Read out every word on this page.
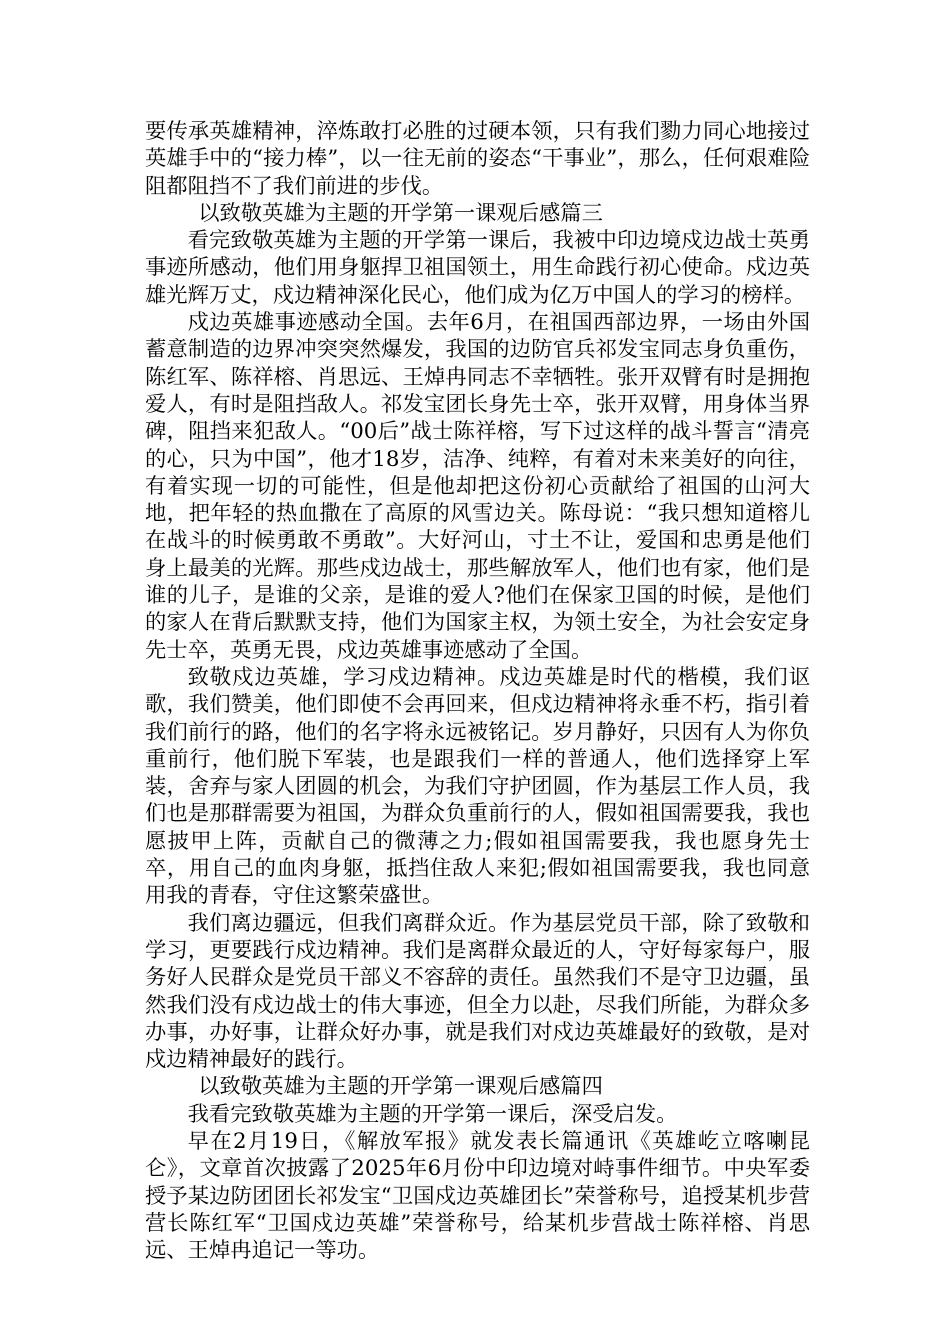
要传承英雄精神，淬炼敢打必胜的过硬本领，只有我们勠力同心地接过英雄手中的“接力棒”，以一往无前的姿态“干事业”，那么，任何艰难险阻都阻挡不了我们前进的步伐。

以致敬英雄为主题的开学第一课观后感篇三

看完致敬英雄为主题的开学第一课后，我被中印边境戍边战士英勇事迹所感动，他们用身躯捍卫祖国领土，用生命践行初心使命。戍边英雄光辉万丈，戍边精神深化民心，他们成为亿万中国人的学习的榜样。

戍边英雄事迹感动全国。去年6月，在祖国西部边界，一场由外国蓄意制造的边界冲突突然爆发，我国的边防官兵祁发宝同志身负重伤，陈红军、陈祥榕、肖思远、王焯冉同志不幸牺牲。张开双臂有时是拥抱爱人，有时是阻挡敌人。祁发宝团长身先士卒，张开双臂，用身体当界碑，阻挡来犯敌人。“00后”战士陈祥榕，写下过这样的战斗誓言“清亮的心，只为中国”，他才18岁，洁净、纯粹，有着对未来美好的向往，有着实现一切的可能性，但是他却把这份初心贡献给了祖国的山河大地，把年轻的热血撒在了高原的风雪边关。陈母说：“我只想知道榕儿在战斗的时候勇敢不勇敢”。大好河山，寸土不让，爱国和忠勇是他们身上最美的光辉。那些戍边战士，那些解放军人，他们也有家，他们是谁的儿子，是谁的父亲，是谁的爱人?他们在保家卫国的时候，是他们的家人在背后默默支持，他们为国家主权，为领土安全，为社会安定身先士卒，英勇无畏，戍边英雄事迹感动了全国。

致敬戍边英雄，学习戍边精神。戍边英雄是时代的楷模，我们讴歌，我们赞美，他们即使不会再回来，但戍边精神将永垂不朽，指引着我们前行的路，他们的名字将永远被铭记。岁月静好，只因有人为你负重前行，他们脱下军装，也是跟我们一样的普通人，他们选择穿上军装，舍弃与家人团圆的机会，为我们守护团圆，作为基层工作人员，我们也是那群需要为祖国，为群众负重前行的人，假如祖国需要我，我也愿披甲上阵，贡献自己的微薄之力;假如祖国需要我，我也愿身先士卒，用自己的血肉身躯，抵挡住敌人来犯;假如祖国需要我，我也同意用我的青春，守住这繁荣盛世。

我们离边疆远，但我们离群众近。作为基层党员干部，除了致敬和学习，更要践行戍边精神。我们是离群众最近的人，守好每家每户，服务好人民群众是党员干部义不容辞的责任。虽然我们不是守卫边疆，虽然我们没有戍边战士的伟大事迹，但全力以赴，尽我们所能，为群众多办事，办好事，让群众好办事，就是我们对戍边英雄最好的致敬，是对戍边精神最好的践行。

以致敬英雄为主题的开学第一课观后感篇四

我看完致敬英雄为主题的开学第一课后，深受启发。

早在2月19日，《解放军报》就发表长篇通讯《英雄屹立喀喇昆仑》，文章首次披露了2025年6月份中印边境对峙事件细节。中央军委授予某边防团团长祁发宝“卫国戍边英雄团长”荣誉称号，追授某机步营营长陈红军“卫国戍边英雄”荣誉称号，给某机步营战士陈祥榕、肖思远、王焯冉追记一等功。
